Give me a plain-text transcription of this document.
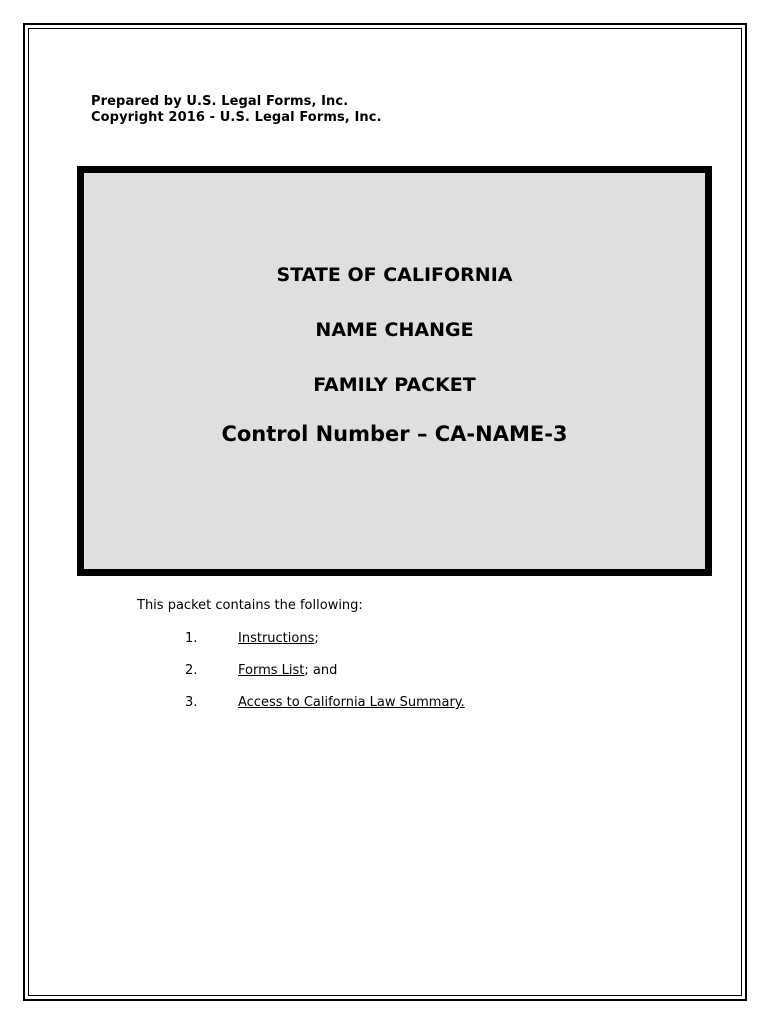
Prepared by U.S. Legal Forms, Inc.
Copyright 2016 - U.S. Legal Forms, Inc.
STATE OF CALIFORNIA
NAME CHANGE
FAMILY PACKET
Control Number – CA-NAME-3
This packet contains the following:
1.	Instructions;
2.	Forms List; and
3.	Access to California Law Summary.
